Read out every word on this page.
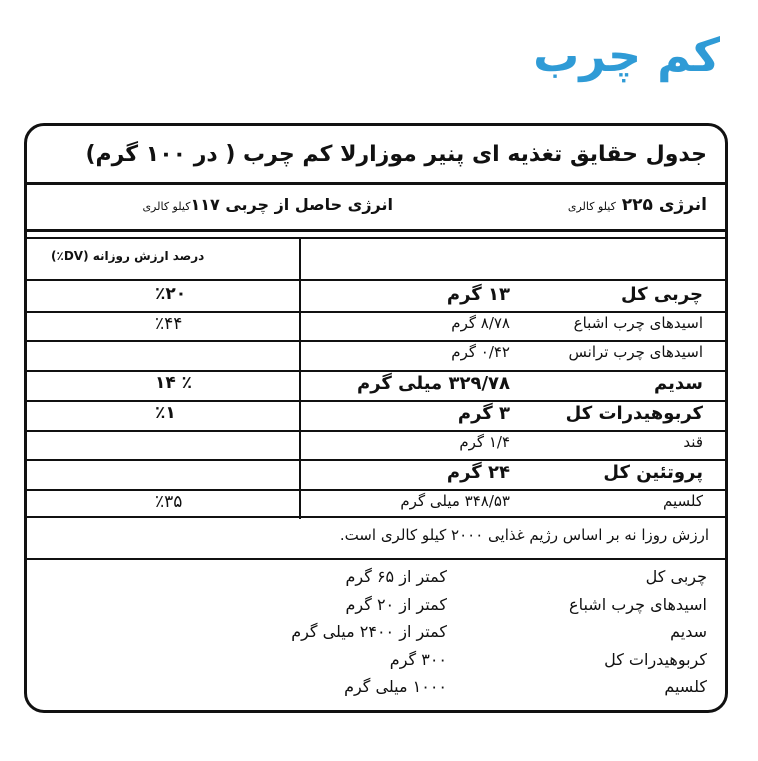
کم چرب
جدول حقایق تغذیه ای پنیر موزارلا کم چرب ( در ۱۰۰ گرم)
انرژی ۲۲۵ کیلو کالری
انرژی حاصل از چربی ۱۱۷کیلو کالری
درصد ارزش روزانه (DV٪)
چربی کل
۱۳ گرم
٪۲۰
اسیدهای چرب اشباع
۸/۷۸ گرم
٪۴۴
اسیدهای چرب ترانس
۰/۴۲ گرم
سدیم
۳۲۹/۷۸ میلی گرم
٪ ۱۴
کربوهیدرات کل
۳ گرم
٪۱
قند
۱/۴ گرم
پروتئین کل
۲۴ گرم
کلسیم
۳۴۸/۵۳ میلی گرم
٪۳۵
ارزش روزا نه بر اساس رژیم غذایی ۲۰۰۰ کیلو کالری است.
چربی کل
کمتر از ۶۵ گرم
اسیدهای چرب اشباع
کمتر از ۲۰ گرم
سدیم
کمتر از ۲۴۰۰ میلی گرم
کربوهیدرات کل
۳۰۰ گرم
کلسیم
۱۰۰۰ میلی گرم
